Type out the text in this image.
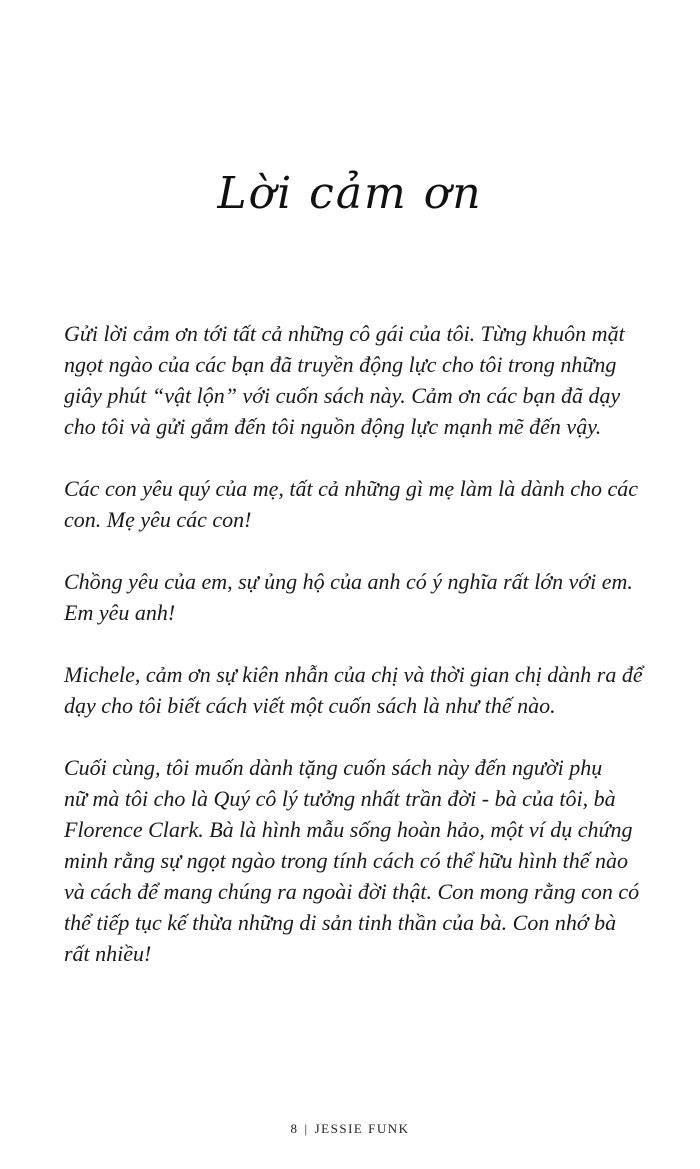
Lời cảm ơn

Gửi lời cảm ơn tới tất cả những cô gái của tôi. Từng khuôn mặt
ngọt ngào của các bạn đã truyền động lực cho tôi trong những
giây phút “vật lộn” với cuốn sách này. Cảm ơn các bạn đã dạy
cho tôi và gửi gắm đến tôi nguồn động lực mạnh mẽ đến vậy.

Các con yêu quý của mẹ, tất cả những gì mẹ làm là dành cho các
con. Mẹ yêu các con!

Chồng yêu của em, sự ủng hộ của anh có ý nghĩa rất lớn với em.
Em yêu anh!

Michele, cảm ơn sự kiên nhẫn của chị và thời gian chị dành ra để
dạy cho tôi biết cách viết một cuốn sách là như thế nào.

Cuối cùng, tôi muốn dành tặng cuốn sách này đến người phụ
nữ mà tôi cho là Quý cô lý tưởng nhất trần đời - bà của tôi, bà
Florence Clark. Bà là hình mẫu sống hoàn hảo, một ví dụ chứng
minh rằng sự ngọt ngào trong tính cách có thể hữu hình thế nào
và cách để mang chúng ra ngoài đời thật. Con mong rằng con có
thể tiếp tục kế thừa những di sản tinh thần của bà. Con nhớ bà
rất nhiều!

8 | JESSIE FUNK
